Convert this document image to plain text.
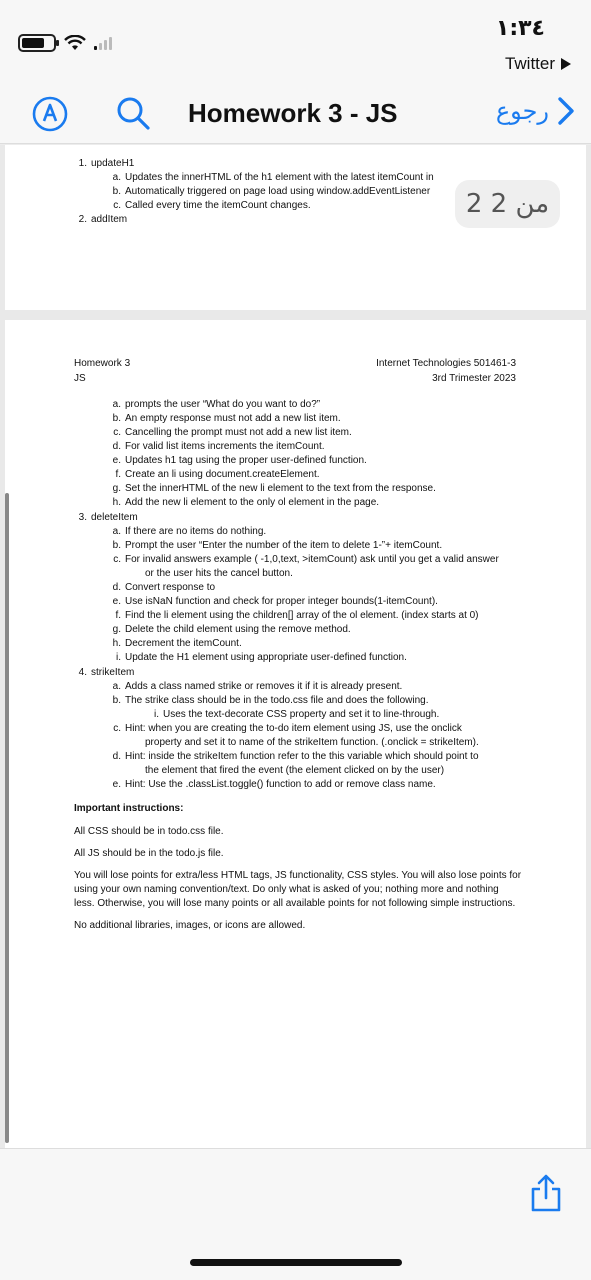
١:٣٤
Twitter
Homework 3 - JS	رجوع
1. updateH1
a. Updates the innerHTML of the h1 element with the latest itemCount in
b. Automatically triggered on page load using window.addEventListener
c. Called every time the itemCount changes.
2. addItem
Homework 3
JS
Internet Technologies 501461-3
3rd Trimester 2023
a. prompts the user “What do you want to do?”
b. An empty response must not add a new list item.
c. Cancelling the prompt must not add a new list item.
d. For valid list items increments the itemCount.
e. Updates h1 tag using the proper user-defined function.
f. Create an li using document.createElement.
g. Set the innerHTML of the new li element to the text from the response.
h. Add the new li element to the only ol element in the page.
3. deleteItem
a. If there are no items do nothing.
b. Prompt the user “Enter the number of the item to delete 1-”+ itemCount.
c. For invalid answers example ( -1,0,text, >itemCount) ask until you get a valid answer
or the user hits the cancel button.
d. Convert response to
e. Use isNaN function and check for proper integer bounds(1-itemCount).
f. Find the li element using the children[] array of the ol element. (index starts at 0)
g. Delete the child element using the remove method.
h. Decrement the itemCount.
i. Update the H1 element using appropriate user-defined function.
4. strikeItem
a. Adds a class named strike or removes it if it is already present.
b. The strike class should be in the todo.css file and does the following.
i. Uses the text-decorate CSS property and set it to line-through.
c. Hint: when you are creating the to-do item element using JS, use the onclick
property and set it to name of the strikeItem function. (.onclick = strikeItem).
d. Hint: inside the strikeItem function refer to the this variable which should point to
the element that fired the event (the element clicked on by the user)
e. Hint: Use the .classList.toggle() function to add or remove class name.
Important instructions:
All CSS should be in todo.css file.
All JS should be in the todo.js file.
You will lose points for extra/less HTML tags, JS functionality, CSS styles. You will also lose points for
using your own naming convention/text. Do only what is asked of you; nothing more and nothing
less. Otherwise, you will lose many points or all available points for not following simple instructions.
No additional libraries, images, or icons are allowed.
2 من 2
